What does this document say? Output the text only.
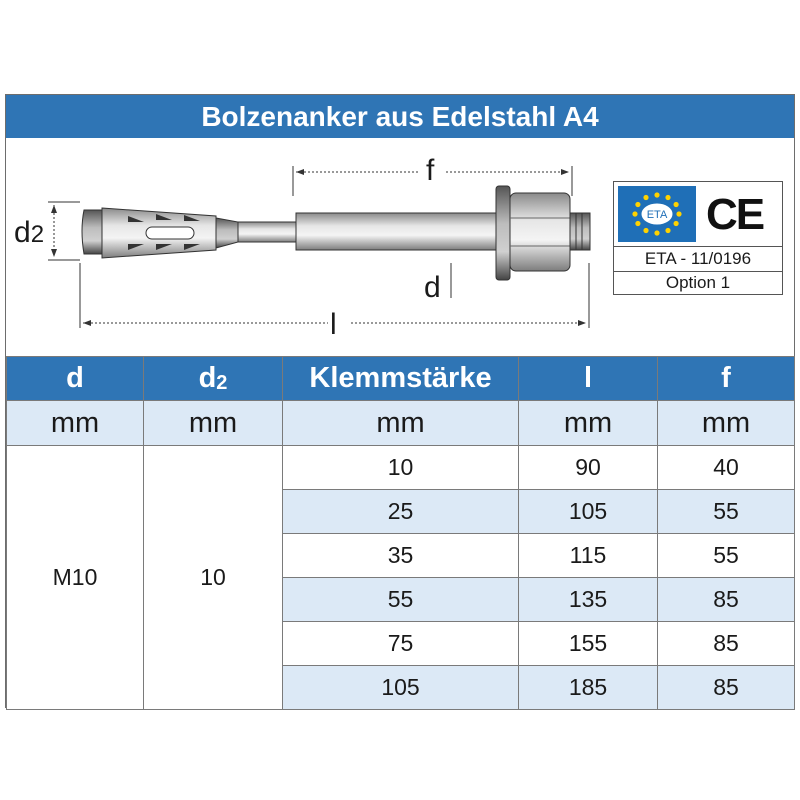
Bolzenanker aus Edelstahl A4
f
d
l
d2
ETA CE
ETA - 11/0196
Option 1
d	$d_2$	Klemmstärke	l	f
mm	mm	mm	mm	mm
M10	10	10	90	40
		25	105	55
		35	115	55
		55	135	85
		75	155	85
		105	185	85
